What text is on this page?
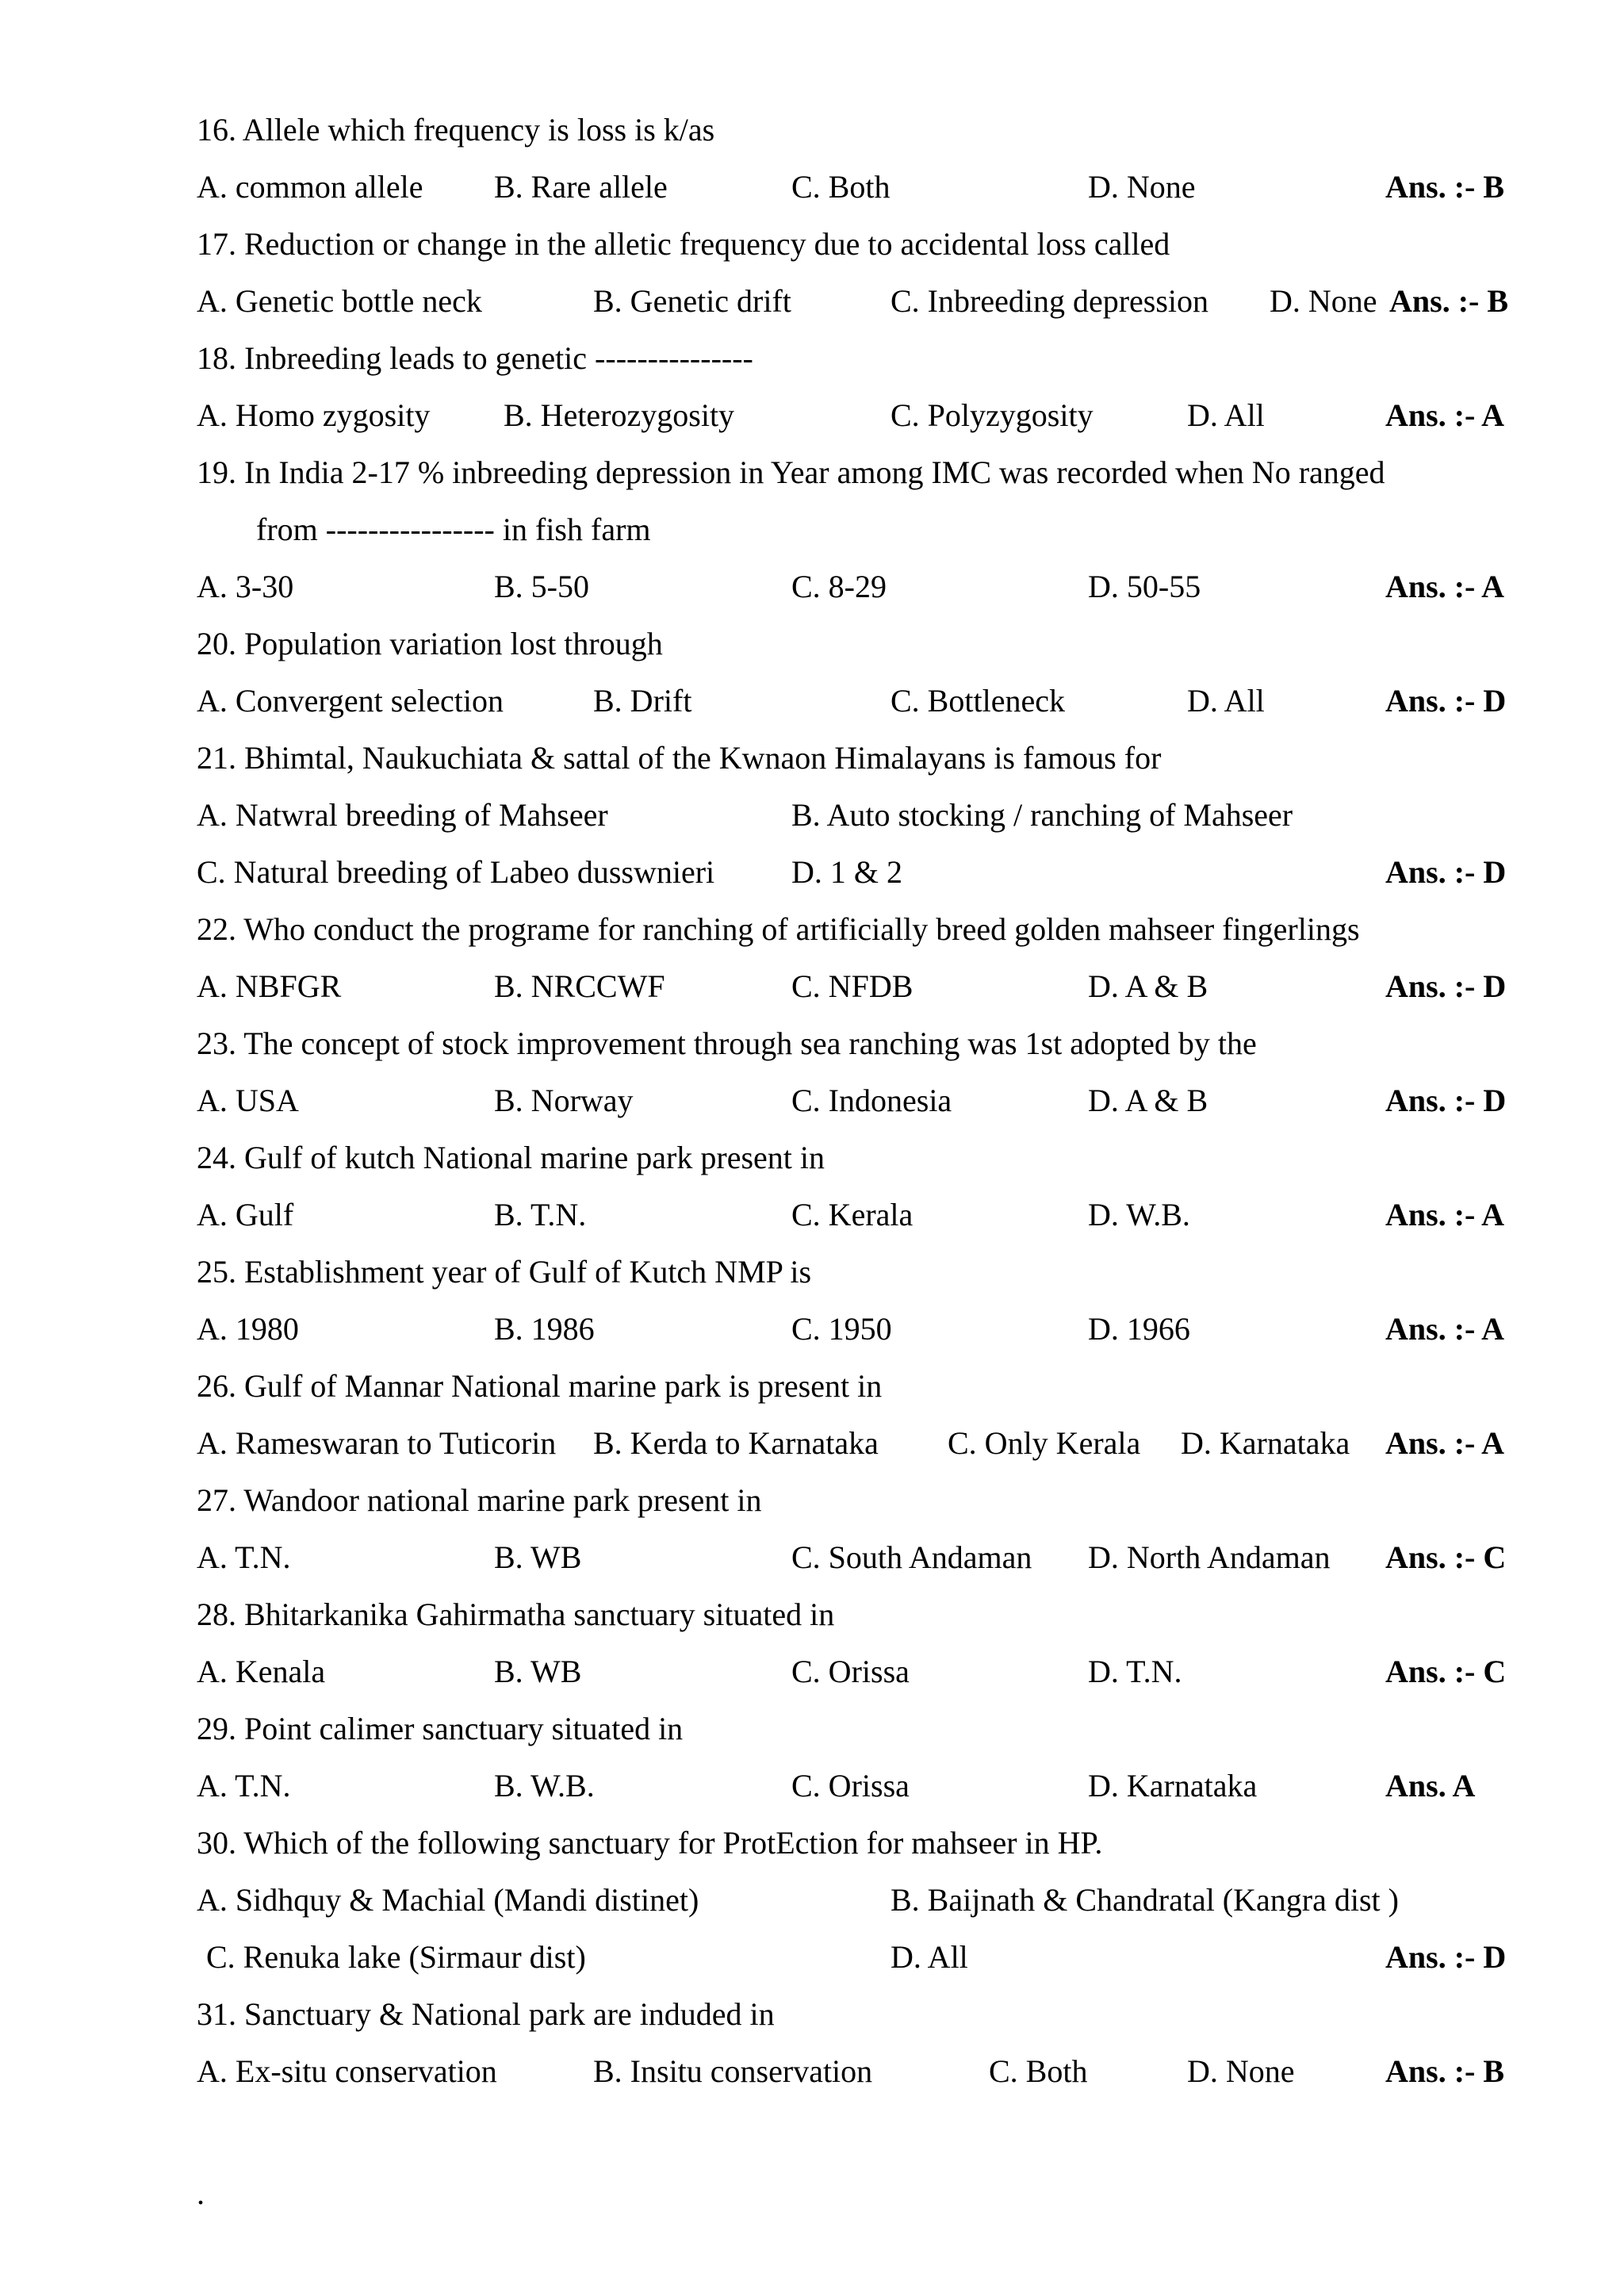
16. Allele which frequency is loss is k/as
A. common allele B. Rare allele	C. Both	D. None	Ans. :- B
17. Reduction or change in the alletic frequency due to accidental loss called
A. Genetic bottle neck	B. Genetic drift	C. Inbreeding depression D. None Ans. :- B
18. Inbreeding leads to genetic ---------------
A. Homo zygosity B. Heterozygosity	C. Polyzygosity	D. All	Ans. :- A
19. In India 2-17 % inbreeding depression in Year among IMC was recorded when No ranged
from ---------------- in fish farm
A. 3-30	B. 5-50	C. 8-29	D. 50-55	Ans. :- A
20. Population variation lost through
A. Convergent selection	B. Drift	C. Bottleneck	D. All	Ans. :- D
21. Bhimtal, Naukuchiata & sattal of the Kwnaon Himalayans is famous for
A. Natwral breeding of Mahseer	B. Auto stocking / ranching of Mahseer
C. Natural breeding of Labeo dusswnieri D. 1 & 2	Ans. :- D
22. Who conduct the programe for ranching of artificially breed golden mahseer fingerlings
A. NBFGR	B. NRCCWF	C. NFDB	D. A & B	Ans. :- D
23. The concept of stock improvement through sea ranching was 1st adopted by the
A. USA	B. Norway	C. Indonesia	D. A & B	Ans. :- D
24. Gulf of kutch National marine park present in
A. Gulf	B. T.N.	C. Kerala	D. W.B.	Ans. :- A
25. Establishment year of Gulf of Kutch NMP is
A. 1980	B. 1986	C. 1950	D. 1966	Ans. :- A
26. Gulf of Mannar National marine park is present in
A. Rameswaran to Tuticorin B. Kerda to Karnataka C. Only Kerala D. Karnataka Ans. :- A
27. Wandoor national marine park present in
A. T.N.	B. WB	C. South Andaman D. North Andaman Ans. :- C
28. Bhitarkanika Gahirmatha sanctuary situated in
A. Kenala	B. WB	C. Orissa	D. T.N.	Ans. :- C
29. Point calimer sanctuary situated in
A. T.N.	B. W.B.	C. Orissa	D. Karnataka	Ans. A
30. Which of the following sanctuary for ProtEction for mahseer in HP.
A. Sidhquy & Machial (Mandi distinet)	B. Baijnath & Chandratal (Kangra dist )
C. Renuka lake (Sirmaur dist)	D. All	Ans. :- D
31. Sanctuary & National park are induded in
A. Ex-situ conservation	B. Insitu conservation	C. Both	D. None	Ans. :- B
.
